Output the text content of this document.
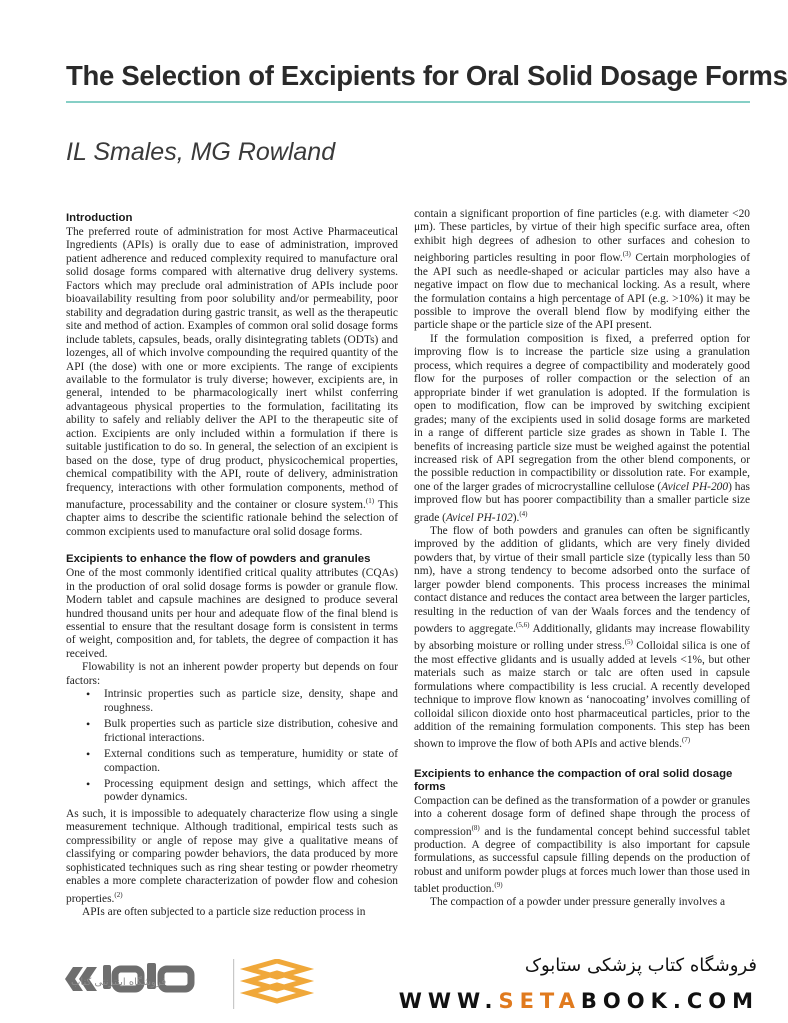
The Selection of Excipients for Oral Solid Dosage Forms
IL Smales, MG Rowland
Introduction

The preferred route of administration for most Active Pharmaceutical Ingredients (APIs) is orally due to ease of administration, improved patient adherence and reduced complexity required to manufacture oral solid dosage forms compared with alternative drug delivery systems. Factors which may preclude oral administration of APIs include poor bioavailability resulting from poor solubility and/or permeability, poor stability and degradation during gastric transit, as well as the therapeutic site and method of action. Examples of common oral solid dosage forms include tablets, capsules, beads, orally disintegrating tablets (ODTs) and lozenges, all of which involve compounding the required quantity of the API (the dose) with one or more excipients. The range of excipients available to the formulator is truly diverse; however, excipients are, in general, intended to be pharmacologically inert whilst conferring advantageous physical properties to the formulation, facilitating its ability to safely and reliably deliver the API to the therapeutic site of action. Excipients are only included within a formulation if there is suitable justification to do so. In general, the selection of an excipient is based on the dose, type of drug product, physicochemical properties, chemical compatibility with the API, route of delivery, administration frequency, interactions with other formulation components, method of manufacture, processability and the container or closure system.$^{(1)}$ This chapter aims to describe the scientific rationale behind the selection of common excipients used to manufacture oral solid dosage forms.

Excipients to enhance the flow of powders and granules

One of the most commonly identified critical quality attributes (CQAs) in the production of oral solid dosage forms is powder or granule flow. Modern tablet and capsule machines are designed to produce several hundred thousand units per hour and adequate flow of the final blend is essential to ensure that the resultant dosage form is consistent in terms of weight, composition and, for tablets, the degree of compaction it has received.

Flowability is not an inherent powder property but depends on four factors:

• Intrinsic properties such as particle size, density, shape and roughness.
• Bulk properties such as particle size distribution, cohesive and frictional interactions.
• External conditions such as temperature, humidity or state of compaction.
• Processing equipment design and settings, which affect the powder dynamics.

As such, it is impossible to adequately characterize flow using a single measurement technique. Although traditional, empirical tests such as compressibility or angle of repose may give a qualitative means of classifying or comparing powder behaviors, the data produced by more sophisticated techniques such as ring shear testing or powder rheometry enables a more complete characterization of powder flow and cohesion properties.$^{(2)}$

APIs are often subjected to a particle size reduction process in

contain a significant proportion of fine particles (e.g. with diameter <20 μm). These particles, by virtue of their high specific surface area, often exhibit high degrees of adhesion to other surfaces and cohesion to neighboring particles resulting in poor flow.$^{(3)}$ Certain morphologies of the API such as needle-shaped or acicular particles may also have a negative impact on flow due to mechanical locking. As a result, where the formulation contains a high percentage of API (e.g. >10%) it may be possible to improve the overall blend flow by modifying either the particle shape or the particle size of the API present.

If the formulation composition is fixed, a preferred option for improving flow is to increase the particle size using a granulation process, which requires a degree of compactibility and moderately good flow for the purposes of roller compaction or the selection of an appropriate binder if wet granulation is adopted. If the formulation is open to modification, flow can be improved by switching excipient grades; many of the excipients used in solid dosage forms are marketed in a range of different particle size grades as shown in Table I. The benefits of increasing particle size must be weighed against the potential increased risk of API segregation from the other blend components, or the possible reduction in compactibility or dissolution rate. For example, one of the larger grades of microcrystalline cellulose (Avicel PH-200) has improved flow but has poorer compactibility than a smaller particle size grade (Avicel PH-102).$^{(4)}$

The flow of both powders and granules can often be significantly improved by the addition of glidants, which are very finely divided powders that, by virtue of their small particle size (typically less than 50 nm), have a strong tendency to become adsorbed onto the surface of larger powder blend components. This process increases the minimal contact distance and reduces the contact area between the larger particles, resulting in the reduction of van der Waals forces and the tendency of powders to aggregate.$^{(5,6)}$ Additionally, glidants may increase flowability by absorbing moisture or rolling under stress.$^{(5)}$ Colloidal silica is one of the most effective glidants and is usually added at levels <1%, but other materials such as maize starch or talc are often used in capsule formulations where compactibility is less crucial. A recently developed technique to improve flow known as ‘nanocoating’ involves comilling of colloidal silicon dioxide onto host pharmaceutical particles, prior to the addition of the remaining formulation components. This step has been shown to improve the flow of both APIs and active blends.$^{(7)}$

Excipients to enhance the compaction of oral solid dosage forms

Compaction can be defined as the transformation of a powder or granules into a coherent dosage form of defined shape through the process of compression$^{(8)}$ and is the fundamental concept behind successful tablet production. A degree of compactibility is also important for capsule formulations, as successful capsule filling depends on the production of robust and uniform powder plugs at forces much lower than those used in tablet production.$^{(9)}$

The compaction of a powder under pressure generally involves a

فروشگاه اینترنتی کتاب
فروشگاه کتاب پزشکی ستابوک
WWW.SETABOOK.COM
